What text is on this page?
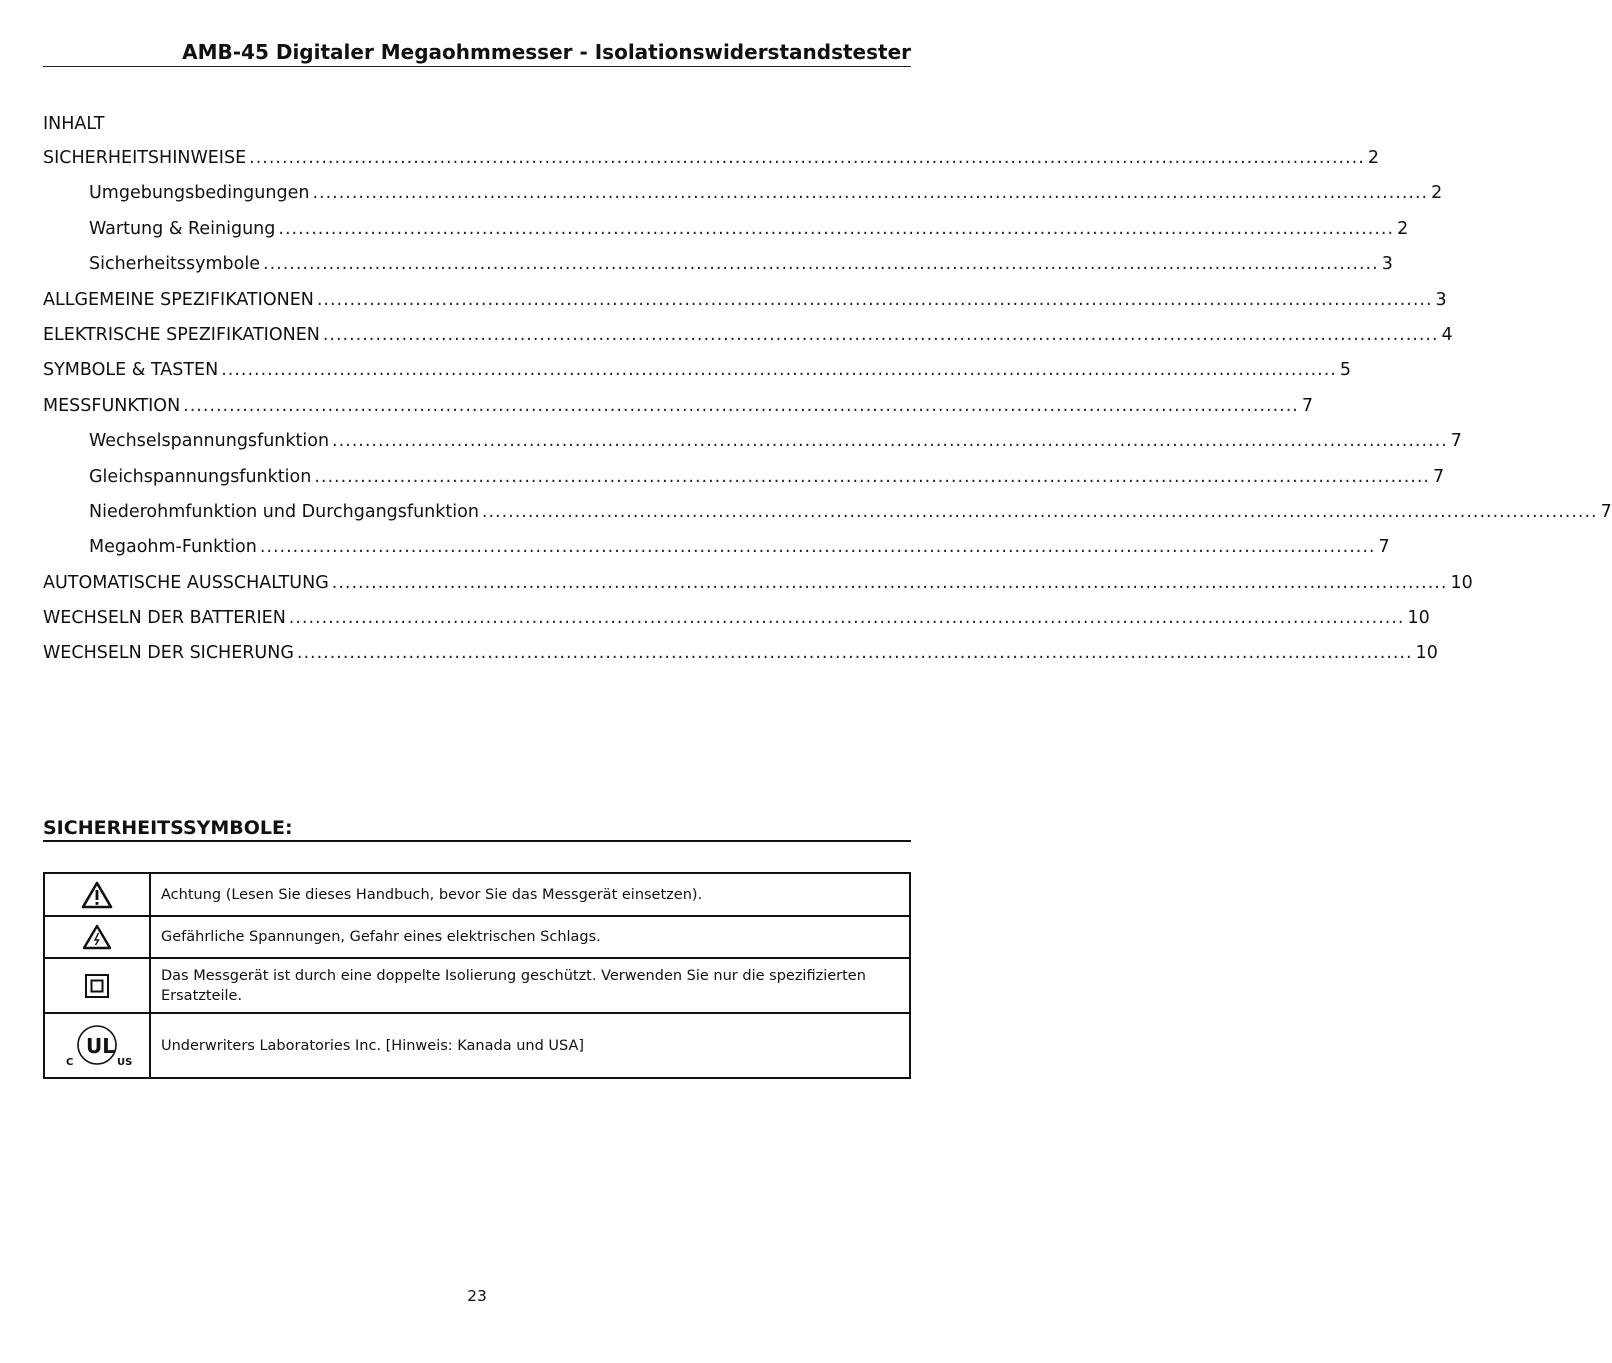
AMB-45 Digitaler Megaohmmesser - Isolationswiderstandstester
INHALT
SICHERHEITSHINWEISE .......................................................................................................................................................................... 2
Umgebungsbedingungen .......................................................................................................................................................................... 2
Wartung & Reinigung .......................................................................................................................................................................... 2
Sicherheitssymbole .......................................................................................................................................................................... 3
ALLGEMEINE SPEZIFIKATIONEN .......................................................................................................................................................................... 3
ELEKTRISCHE SPEZIFIKATIONEN .......................................................................................................................................................................... 4
SYMBOLE & TASTEN .......................................................................................................................................................................... 5
MESSFUNKTION .......................................................................................................................................................................... 7
Wechselspannungsfunktion .......................................................................................................................................................................... 7
Gleichspannungsfunktion .......................................................................................................................................................................... 7
Niederohmfunktion und Durchgangsfunktion .......................................................................................................................................................................... 7
Megaohm-Funktion .......................................................................................................................................................................... 7
AUTOMATISCHE AUSSCHALTUNG .......................................................................................................................................................................... 10
WECHSELN DER BATTERIEN .......................................................................................................................................................................... 10
WECHSELN DER SICHERUNG .......................................................................................................................................................................... 10
SICHERHEITSSYMBOLE:
	Achtung (Lesen Sie dieses Handbuch, bevor Sie das Messgerät einsetzen).

	Gefährliche Spannungen, Gefahr eines elektrischen Schlags.

	Das Messgerät ist durch eine doppelte Isolierung geschützt. Verwenden Sie nur die spezifizierten Ersatzteile.

C
UL
US	Underwriters Laboratories Inc. [Hinweis: Kanada und USA]
23
